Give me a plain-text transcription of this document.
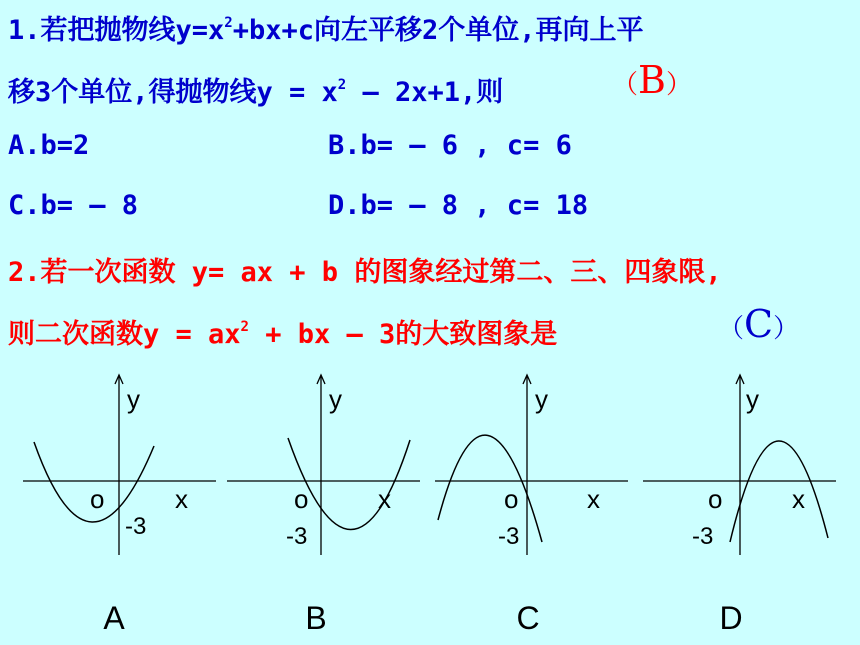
1.若把抛物线$y=x^2+bx+c$向左平移2个单位,再向上平
移3个单位,得抛物线$y = x^2 - 2x+1$,则	（B）
A.b=2	B.b= – 6 , c= 6
C.b= – 8	D.b= – 8 , c= 18
2.若一次函数 y= ax + b 的图象经过第二、三、四象限,
则二次函数$y = ax^2$ + bx – 3的大致图象是	（C）
y
x
o
-3
A
y
x
o
-3
B
y
x
o
-3
C
y
x
o
-3
D
